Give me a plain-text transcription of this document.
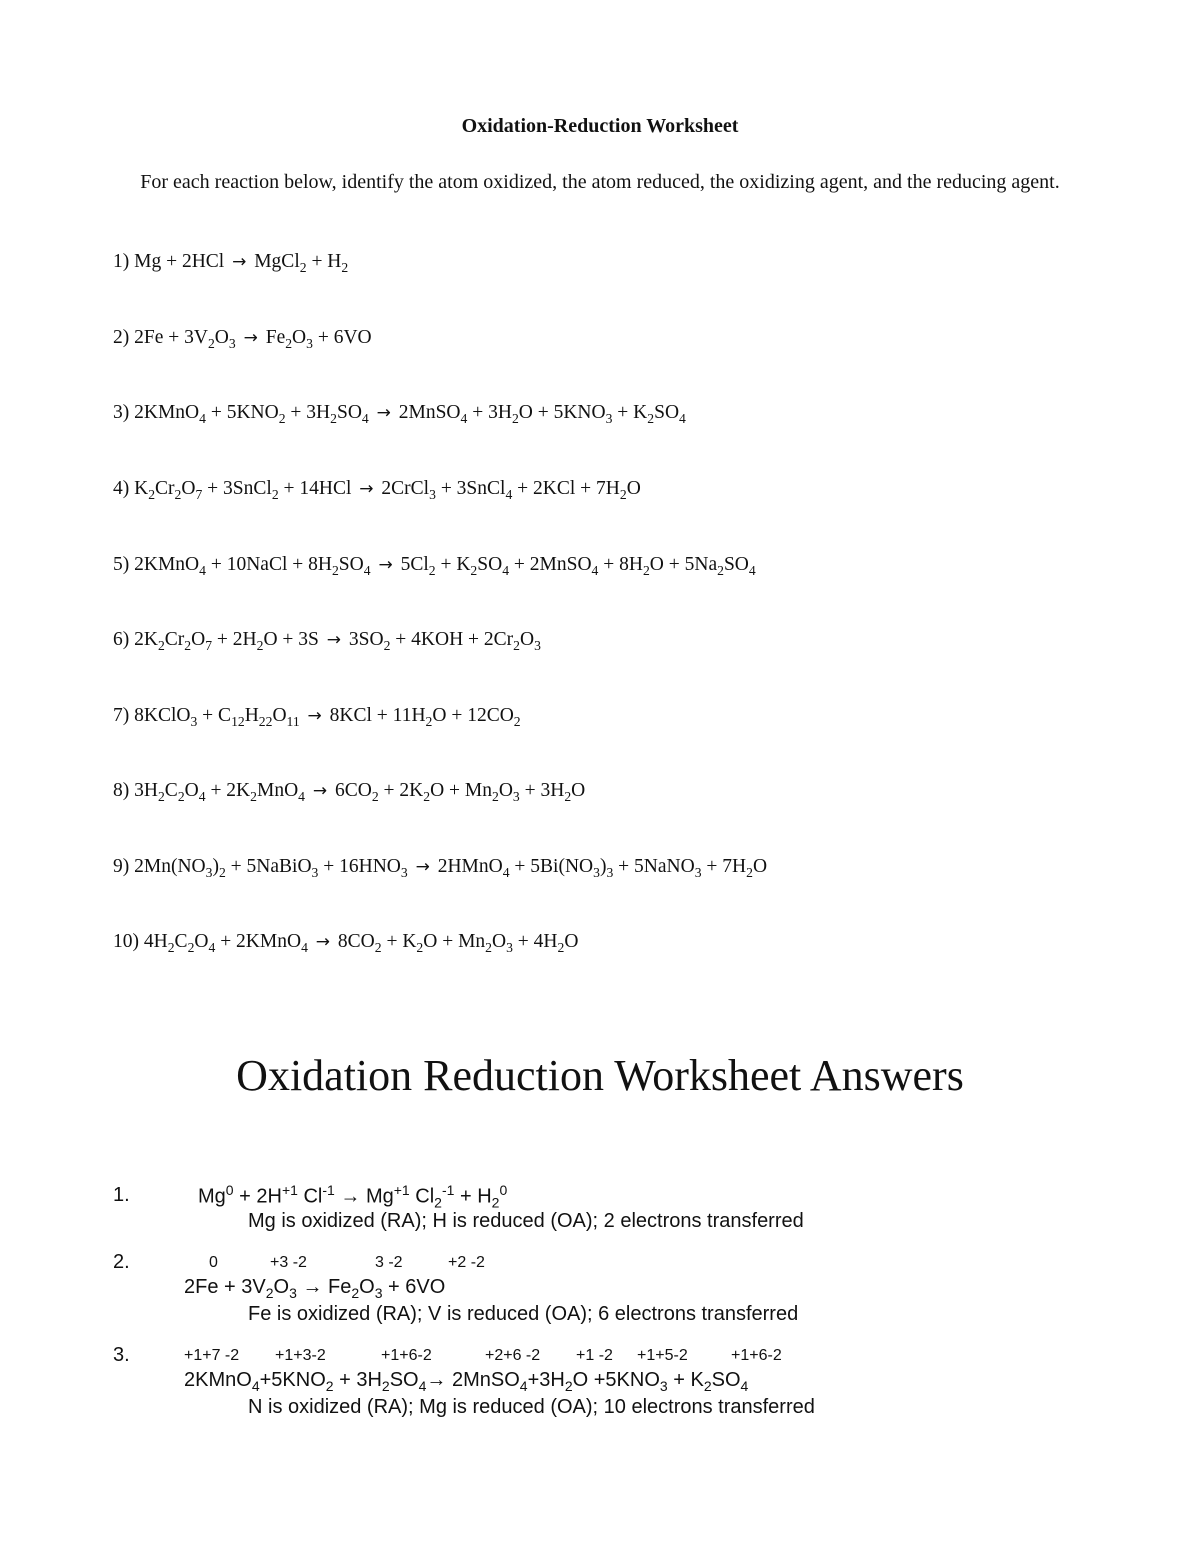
Oxidation-Reduction Worksheet
For each reaction below, identify the atom oxidized, the atom reduced, the oxidizing agent, and the reducing agent.
1) Mg + 2HCl → MgCl$_2$ + $H_2$
2) $2Fe + 3V_2O_3 \to Fe_2O_3 + 6VO$
3) 2KMnO$_4$ + $5KNO_2 + 3H_2SO_4$ → 2MnSO$_4$ + $3H_2O + 5KNO_3 + K_2SO_4$
4) $K_2Cr_2O_7$ + 3SnCl$_2$ + 14HCl → 2CrCl$_3$ + 3SnCl$_4$ + $2KCl + 7H_2O$
5) 2KMnO$_4$ + 10NaCl + $8H_2SO_4 \to 5Cl_2 + K_2SO_4$ + 2MnSO$_4$ + $8H_2O + 5Na_2SO_4$
6) $2K_2Cr_2O_7 + 2H_2O + 3S \to 3SO_2 + 4KOH + 2Cr_2O_3$
7) 8KClO$_3$ + $C_{12}H_{22}O_{11} \to 8KCl + 11H_2O + 12CO_2$
8) $3H_2C_2O_4 + 2K_2MnO_4 \to 6CO_2 + 2K_2O + Mn_2O_3 + 3H_2O$
9) $2Mn(NO_3)_2$ + 5NaBiO$_3$ + $16HNO_3$ → 2HMnO$_4$ + $5Bi(NO_3)_3$ + 5NaNO$_3$ + $7H_2O$
10) $4H_2C_2O_4$ + 2KMnO$_4$ → $8CO_2 + K_2O + Mn_2O_3 + 4H_2O$
Oxidation Reduction Worksheet Answers
1.	$Mg^0 + 2H^{+1}$ $Cl^{-1} \to Mg^{+1}$ $Cl_2^{-1} + H_2^0$
Mg is oxidized (RA); H is reduced (OA); 2 electrons transferred
2.	0	+3 -2	3 -2	+2 -2
$2Fe + 3V_2O_3 \to Fe_2O_3 + 6VO$
Fe is oxidized (RA); V is reduced (OA); 6 electrons transferred
3.	+1+7 -2 +1+3-2	+1+6-2	+2+6 -2 +1 -2 +1+5-2	+1+6-2
$2KMnO_4+5KNO_2 + 3H_2SO_4\to$ $2MnSO_4+3H_2O +5KNO_3 + K_2SO_4$
N is oxidized (RA); Mg is reduced (OA); 10 electrons transferred
